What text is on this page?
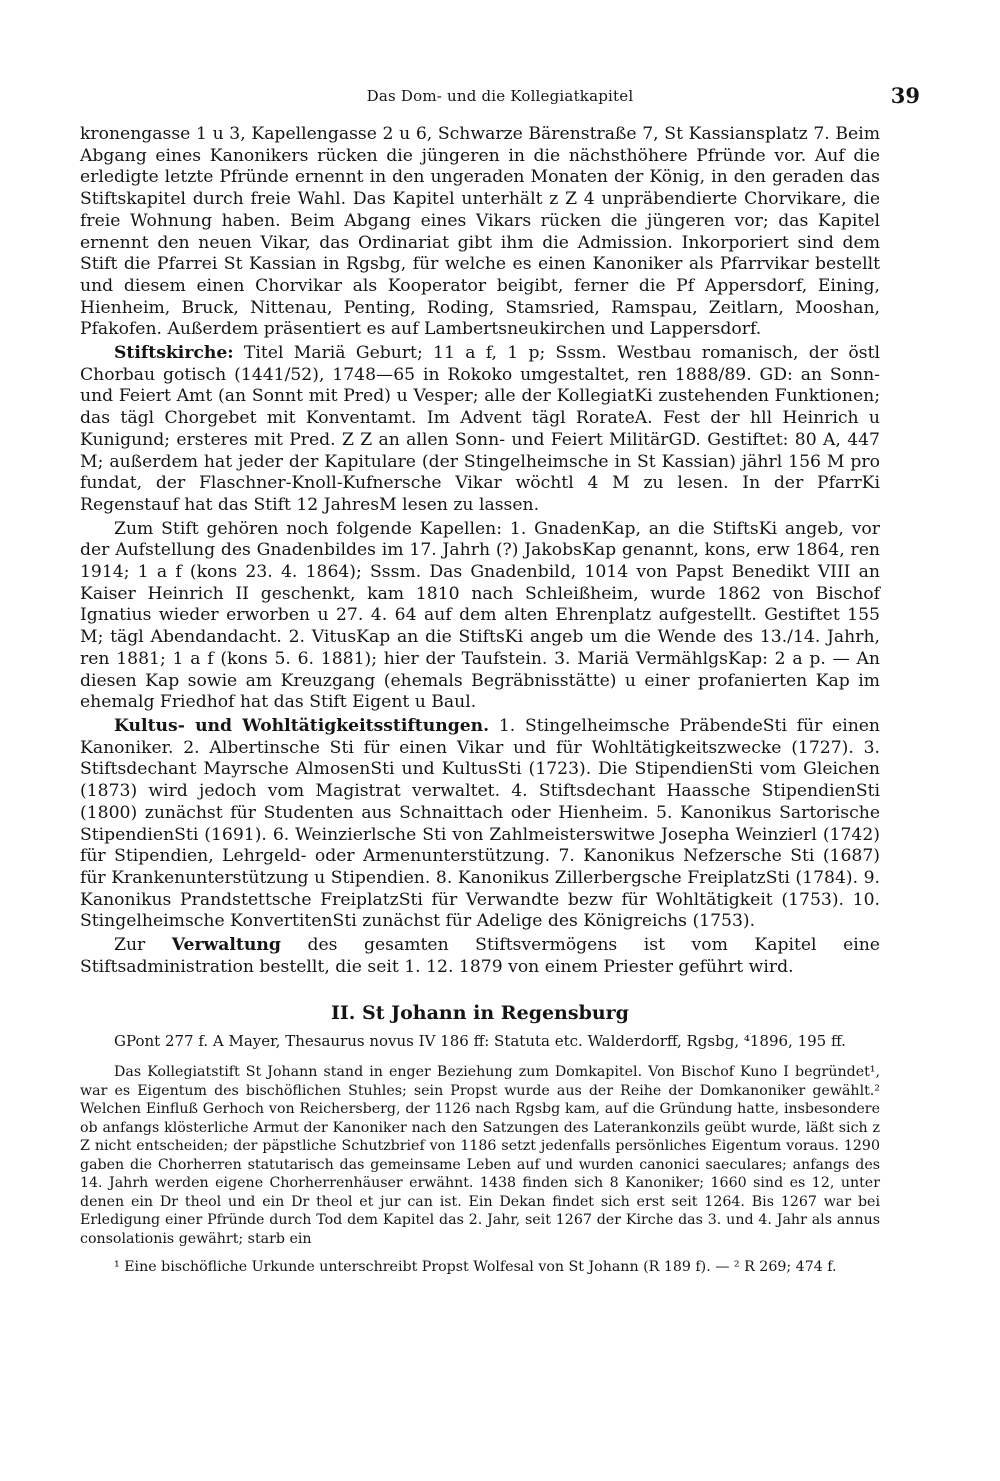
Das Dom- und die Kollegiatkapitel	39

kronengasse 1 u 3, Kapellengasse 2 u 6, Schwarze Bärenstraße 7, St Kassiansplatz 7. Beim Abgang eines Kanonikers rücken die jüngeren in die nächsthöhere Pfründe vor. Auf die erledigte letzte Pfründe ernennt in den ungeraden Monaten der König, in den geraden das Stiftskapitel durch freie Wahl. Das Kapitel unterhält z Z 4 unpräbendierte Chorvikare, die freie Wohnung haben. Beim Abgang eines Vikars rücken die jüngeren vor; das Kapitel ernennt den neuen Vikar, das Ordinariat gibt ihm die Admission. Inkorporiert sind dem Stift die Pfarrei St Kassian in Rgsbg, für welche es einen Kanoniker als Pfarrvikar bestellt und diesem einen Chorvikar als Kooperator beigibt, ferner die Pf Appersdorf, Eining, Hienheim, Bruck, Nittenau, Penting, Roding, Stamsried, Ramspau, Zeitlarn, Mooshan, Pfakofen. Außerdem präsentiert es auf Lambertsneukirchen und Lappersdorf.

Stiftskirche: Titel Mariä Geburt; 11 a f, 1 p; Sssm. Westbau romanisch, der östl Chorbau gotisch (1441/52), 1748—65 in Rokoko umgestaltet, ren 1888/89. GD: an Sonn- und Feiert Amt (an Sonnt mit Pred) u Vesper; alle der KollegiatKi zustehenden Funktionen; das tägl Chorgebet mit Konventamt. Im Advent tägl RorateA. Fest der hll Heinrich u Kunigund; ersteres mit Pred. Z Z an allen Sonn- und Feiert MilitärGD. Gestiftet: 80 A, 447 M; außerdem hat jeder der Kapitulare (der Stingelheimsche in St Kassian) jährl 156 M pro fundat, der Flaschner-Knoll-Kufnersche Vikar wöchtl 4 M zu lesen. In der PfarrKi Regenstauf hat das Stift 12 JahresM lesen zu lassen.

Zum Stift gehören noch folgende Kapellen: 1. GnadenKap, an die StiftsKi angeb, vor der Aufstellung des Gnadenbildes im 17. Jahrh (?) JakobsKap genannt, kons, erw 1864, ren 1914; 1 a f (kons 23. 4. 1864); Sssm. Das Gnadenbild, 1014 von Papst Benedikt VIII an Kaiser Heinrich II geschenkt, kam 1810 nach Schleißheim, wurde 1862 von Bischof Ignatius wieder erworben u 27. 4. 64 auf dem alten Ehrenplatz aufgestellt. Gestiftet 155 M; tägl Abendandacht. 2. VitusKap an die StiftsKi angeb um die Wende des 13./14. Jahrh, ren 1881; 1 a f (kons 5. 6. 1881); hier der Taufstein. 3. Mariä VermählgsKap: 2 a p. — An diesen Kap sowie am Kreuzgang (ehemals Begräbnisstätte) u einer profanierten Kap im ehemalg Friedhof hat das Stift Eigent u Baul.

Kultus- und Wohltätigkeitsstiftungen. 1. Stingelheimsche PräbendeSti für einen Kanoniker. 2. Albertinsche Sti für einen Vikar und für Wohltätigkeitszwecke (1727). 3. Stiftsdechant Mayrsche AlmosenSti und KultusSti (1723). Die StipendienSti vom Gleichen (1873) wird jedoch vom Magistrat verwaltet. 4. Stiftsdechant Haassche StipendienSti (1800) zunächst für Studenten aus Schnaittach oder Hienheim. 5. Kanonikus Sartorische StipendienSti (1691). 6. Weinzierlsche Sti von Zahlmeisterswitwe Josepha Weinzierl (1742) für Stipendien, Lehrgeld- oder Armenunterstützung. 7. Kanonikus Nefzersche Sti (1687) für Krankenunterstützung u Stipendien. 8. Kanonikus Zillerbergsche FreiplatzSti (1784). 9. Kanonikus Prandstettsche FreiplatzSti für Verwandte bezw für Wohltätigkeit (1753). 10. Stingelheimsche KonvertitenSti zunächst für Adelige des Königreichs (1753).

Zur Verwaltung des gesamten Stiftsvermögens ist vom Kapitel eine Stiftsadministration bestellt, die seit 1. 12. 1879 von einem Priester geführt wird.

II. St Johann in Regensburg

GPont 277 f. A Mayer, Thesaurus novus IV 186 ff: Statuta etc. Walderdorff, Rgsbg, ⁴1896, 195 ff.

Das Kollegiatstift St Johann stand in enger Beziehung zum Domkapitel. Von Bischof Kuno I begründet¹, war es Eigentum des bischöflichen Stuhles; sein Propst wurde aus der Reihe der Domkanoniker gewählt.² Welchen Einfluß Gerhoch von Reichersberg, der 1126 nach Rgsbg kam, auf die Gründung hatte, insbesondere ob anfangs klösterliche Armut der Kanoniker nach den Satzungen des Laterankonzils geübt wurde, läßt sich z Z nicht entscheiden; der päpstliche Schutzbrief von 1186 setzt jedenfalls persönliches Eigentum voraus. 1290 gaben die Chorherren statutarisch das gemeinsame Leben auf und wurden canonici saeculares; anfangs des 14. Jahrh werden eigene Chorherrenhäuser erwähnt. 1438 finden sich 8 Kanoniker; 1660 sind es 12, unter denen ein Dr theol und ein Dr theol et jur can ist. Ein Dekan findet sich erst seit 1264. Bis 1267 war bei Erledigung einer Pfründe durch Tod dem Kapitel das 2. Jahr, seit 1267 der Kirche das 3. und 4. Jahr als annus consolationis gewährt; starb ein

¹ Eine bischöfliche Urkunde unterschreibt Propst Wolfesal von St Johann (R 189 f). — ² R 269; 474 f.
